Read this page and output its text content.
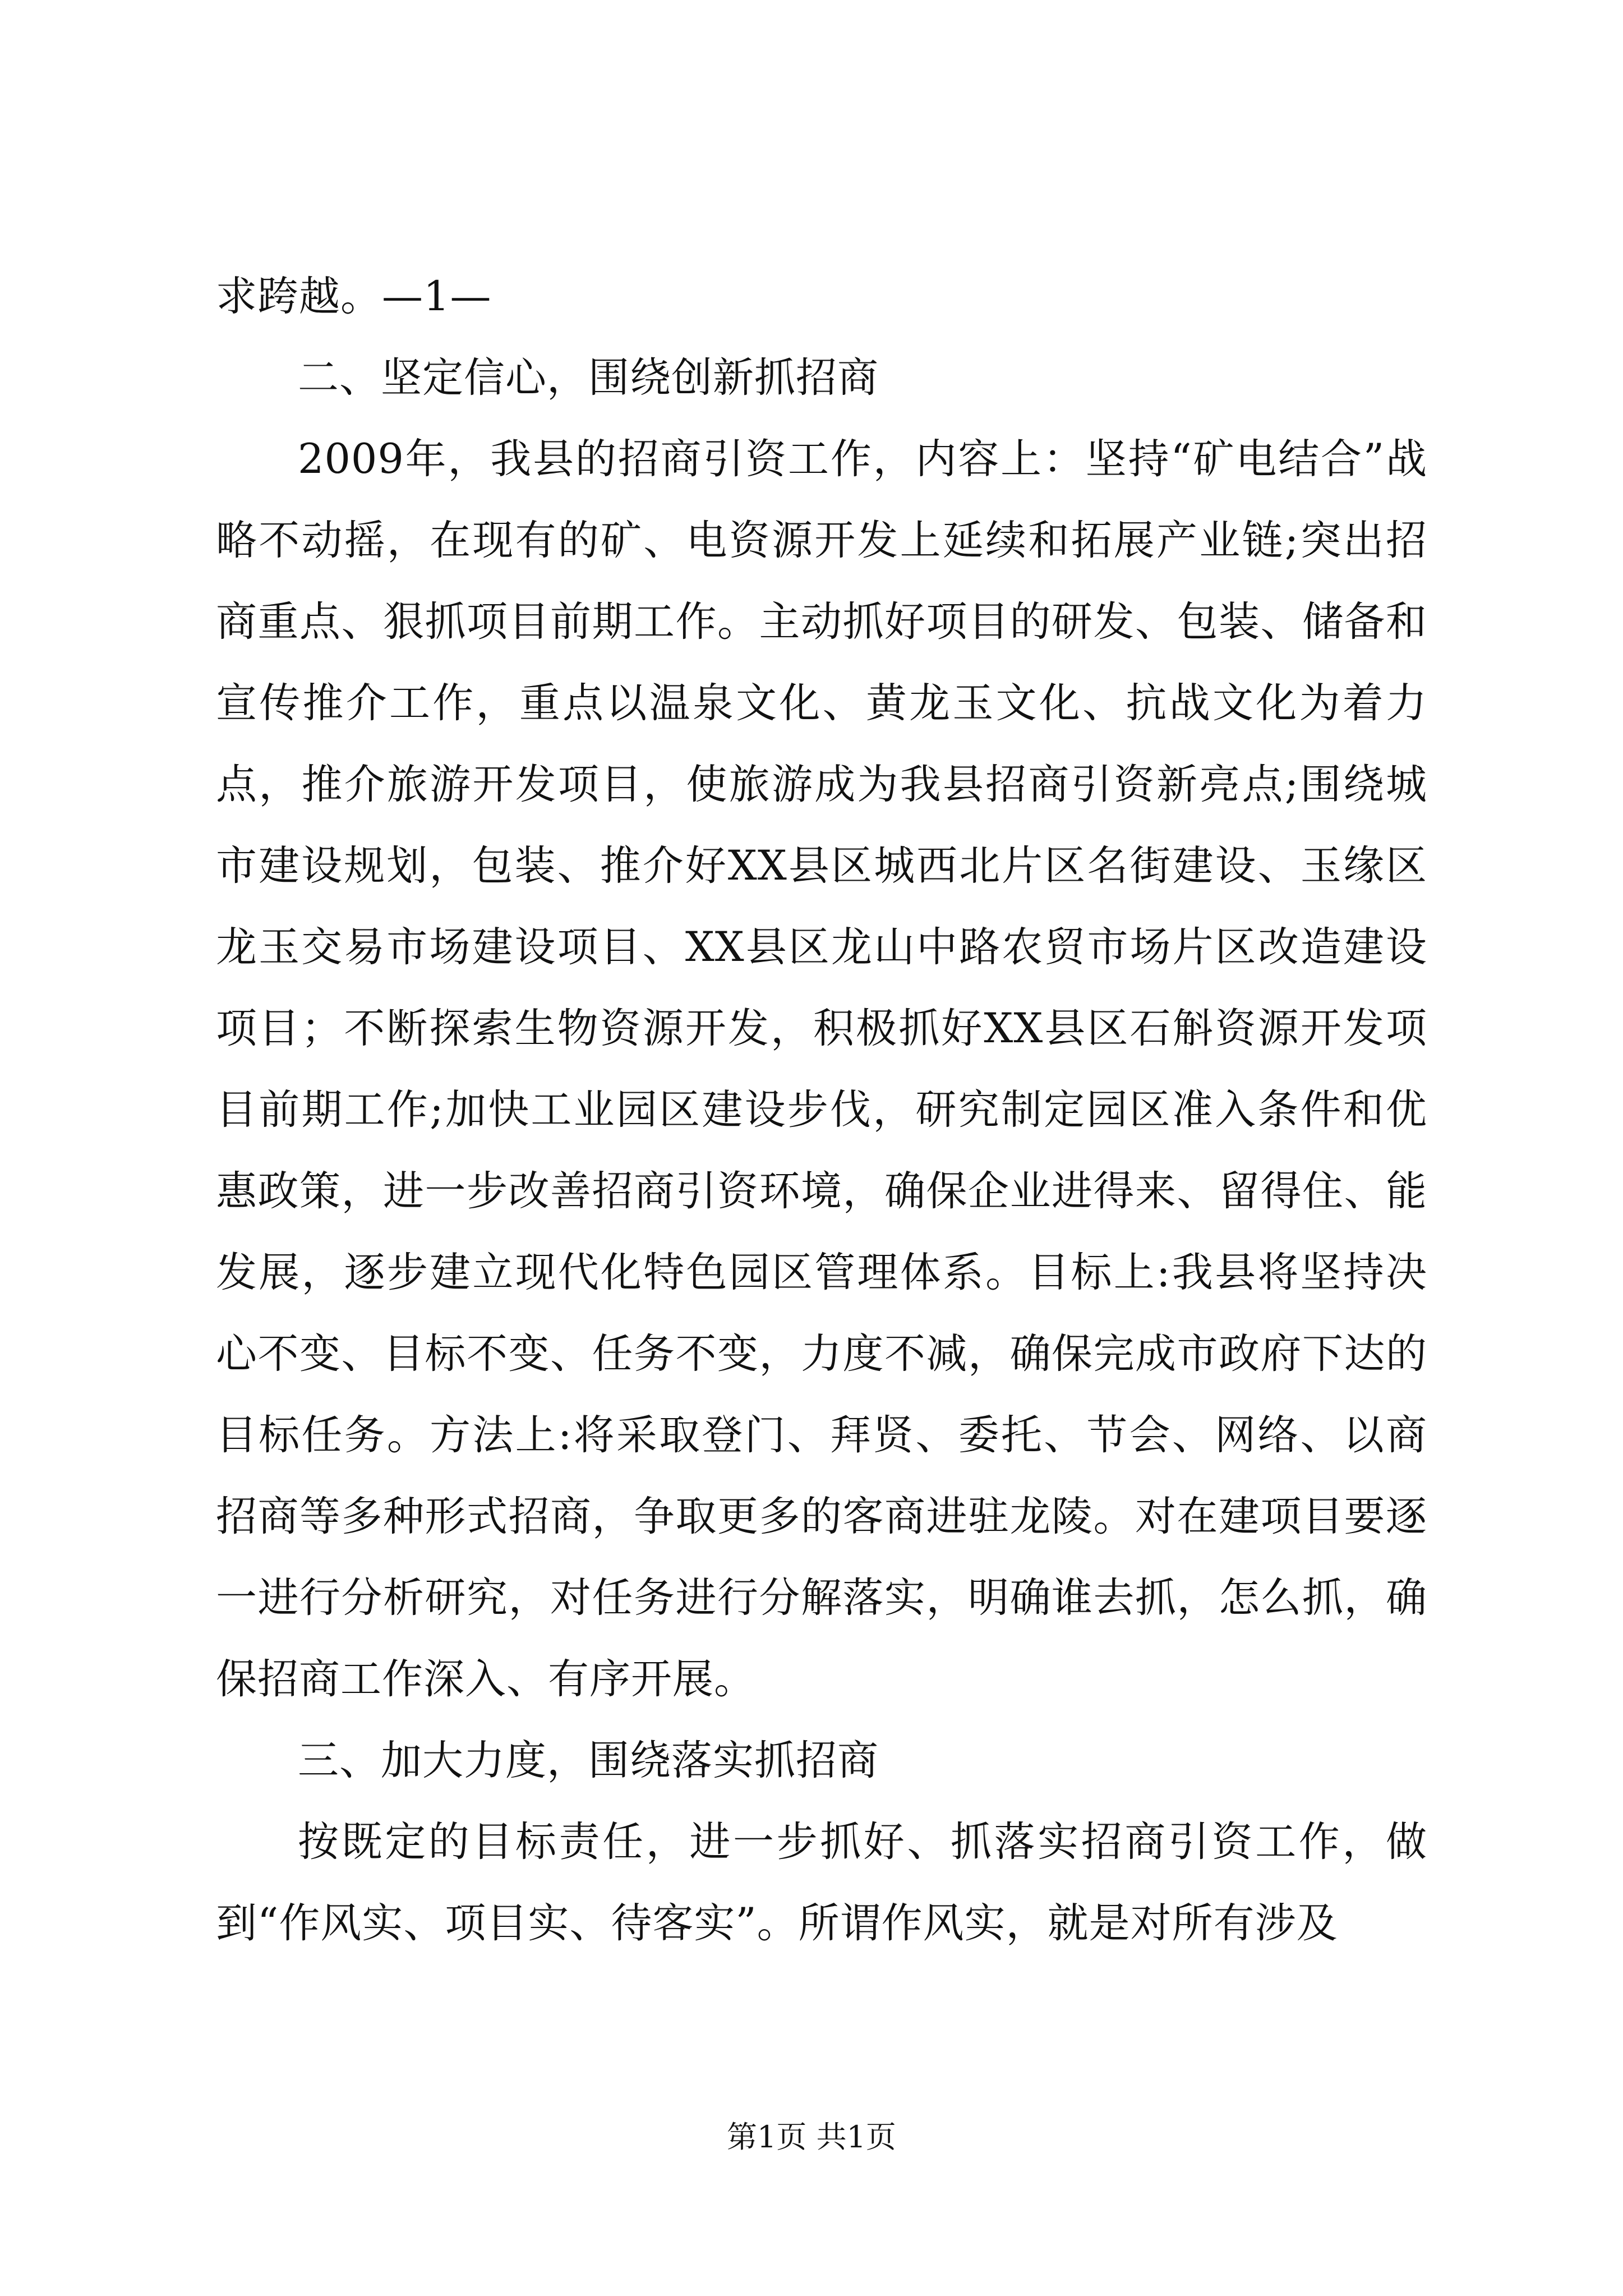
求跨越。—1—

二、坚定信心，围绕创新抓招商

2009年，我县的招商引资工作，内容上：坚持“矿电结合”战略不动摇，在现有的矿、电资源开发上延续和拓展产业链;突出招商重点、狠抓项目前期工作。主动抓好项目的研发、包装、储备和宣传推介工作，重点以温泉文化、黄龙玉文化、抗战文化为着力点，推介旅游开发项目，使旅游成为我县招商引资新亮点;围绕城市建设规划，包装、推介好XX县区城西北片区名街建设、玉缘区龙玉交易市场建设项目、XX县区龙山中路农贸市场片区改造建设项目；不断探索生物资源开发，积极抓好XX县区石斛资源开发项目前期工作;加快工业园区建设步伐，研究制定园区准入条件和优惠政策，进一步改善招商引资环境，确保企业进得来、留得住、能发展，逐步建立现代化特色园区管理体系。目标上:我县将坚持决心不变、目标不变、任务不变，力度不减，确保完成市政府下达的目标任务。方法上:将采取登门、拜贤、委托、节会、网络、以商招商等多种形式招商，争取更多的客商进驻龙陵。对在建项目要逐一进行分析研究，对任务进行分解落实，明确谁去抓，怎么抓，确保招商工作深入、有序开展。

三、加大力度，围绕落实抓招商

按既定的目标责任，进一步抓好、抓落实招商引资工作，做到“作风实、项目实、待客实”。所谓作风实，就是对所有涉及

第1页 共1页
